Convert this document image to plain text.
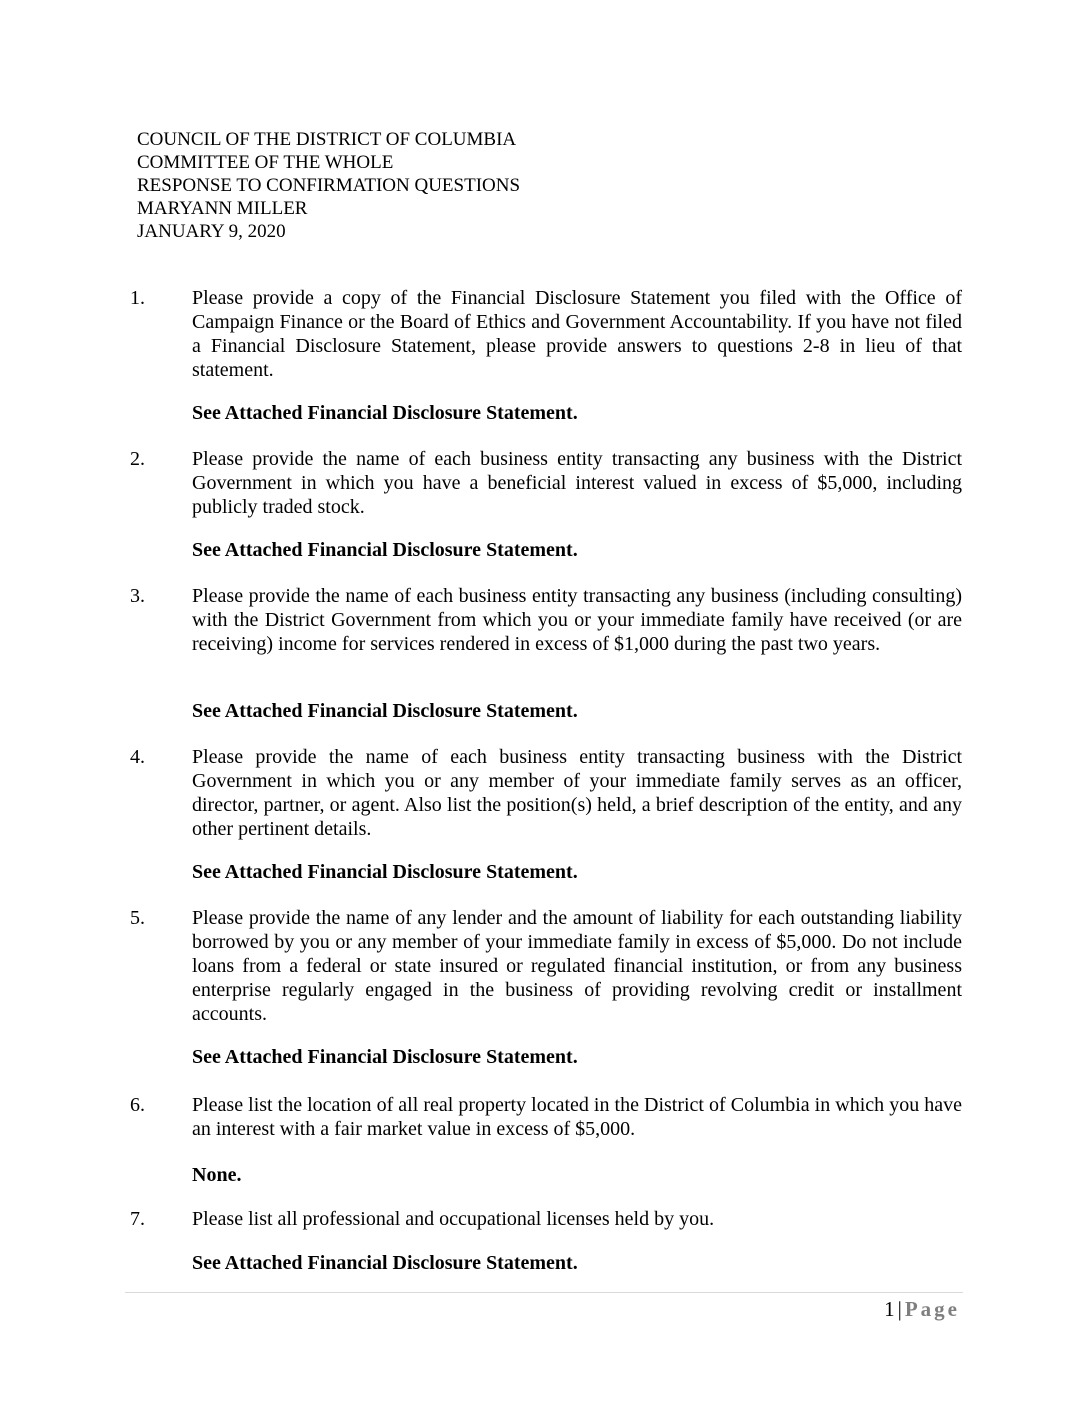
COUNCIL OF THE DISTRICT OF COLUMBIA
COMMITTEE OF THE WHOLE
RESPONSE TO CONFIRMATION QUESTIONS
MARYANN MILLER
JANUARY 9, 2020
1. Please provide a copy of the Financial Disclosure Statement you filed with the Office of Campaign Finance or the Board of Ethics and Government Accountability. If you have not filed a Financial Disclosure Statement, please provide answers to questions 2-8 in lieu of that statement.
See Attached Financial Disclosure Statement.
2. Please provide the name of each business entity transacting any business with the District Government in which you have a beneficial interest valued in excess of $5,000, including publicly traded stock.
See Attached Financial Disclosure Statement.
3. Please provide the name of each business entity transacting any business (including consulting) with the District Government from which you or your immediate family have received (or are receiving) income for services rendered in excess of $1,000 during the past two years.
See Attached Financial Disclosure Statement.
4. Please provide the name of each business entity transacting business with the District Government in which you or any member of your immediate family serves as an officer, director, partner, or agent. Also list the position(s) held, a brief description of the entity, and any other pertinent details.
See Attached Financial Disclosure Statement.
5. Please provide the name of any lender and the amount of liability for each outstanding liability borrowed by you or any member of your immediate family in excess of $5,000. Do not include loans from a federal or state insured or regulated financial institution, or from any business enterprise regularly engaged in the business of providing revolving credit or installment accounts.
See Attached Financial Disclosure Statement.
6. Please list the location of all real property located in the District of Columbia in which you have an interest with a fair market value in excess of $5,000.
None.
7. Please list all professional and occupational licenses held by you.
See Attached Financial Disclosure Statement.
1 | Page
